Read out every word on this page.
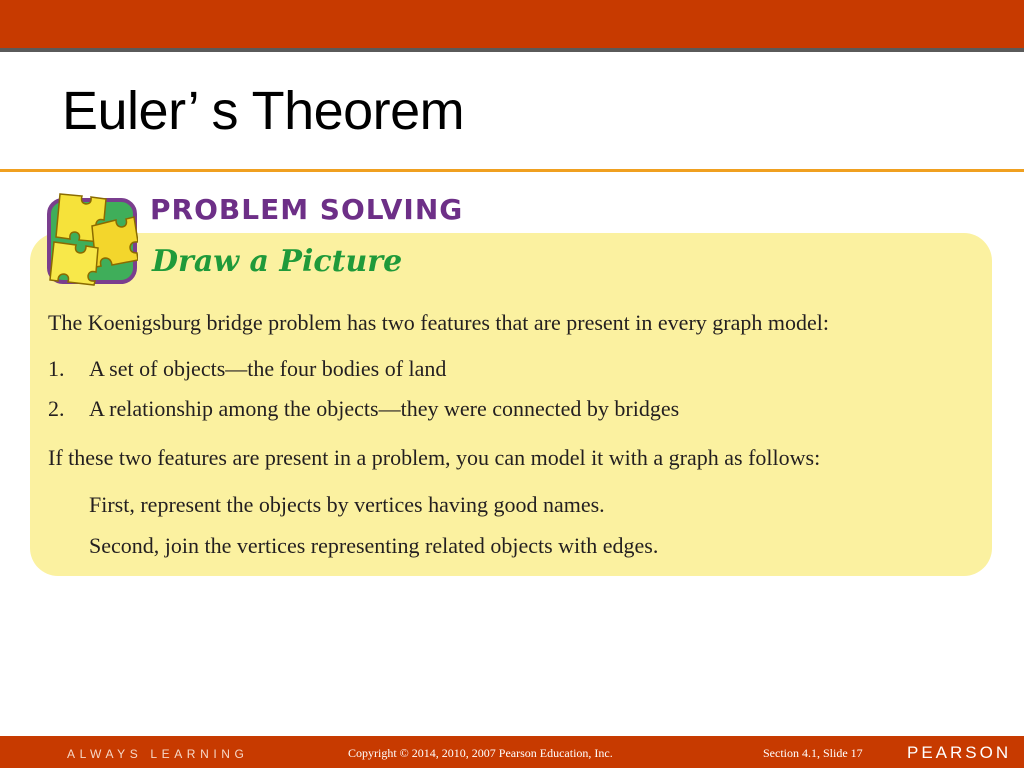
Euler’ s Theorem
PROBLEM SOLVING
Draw a Picture
The Koenigsburg bridge problem has two features that are present in every graph model:
1. A set of objects—the four bodies of land
2. A relationship among the objects—they were connected by bridges
If these two features are present in a problem, you can model it with a graph as follows:
First, represent the objects by vertices having good names.
Second, join the vertices representing related objects with edges.
ALWAYS LEARNING	Copyright © 2014, 2010, 2007 Pearson Education, Inc.	Section 4.1, Slide 17	PEARSON
